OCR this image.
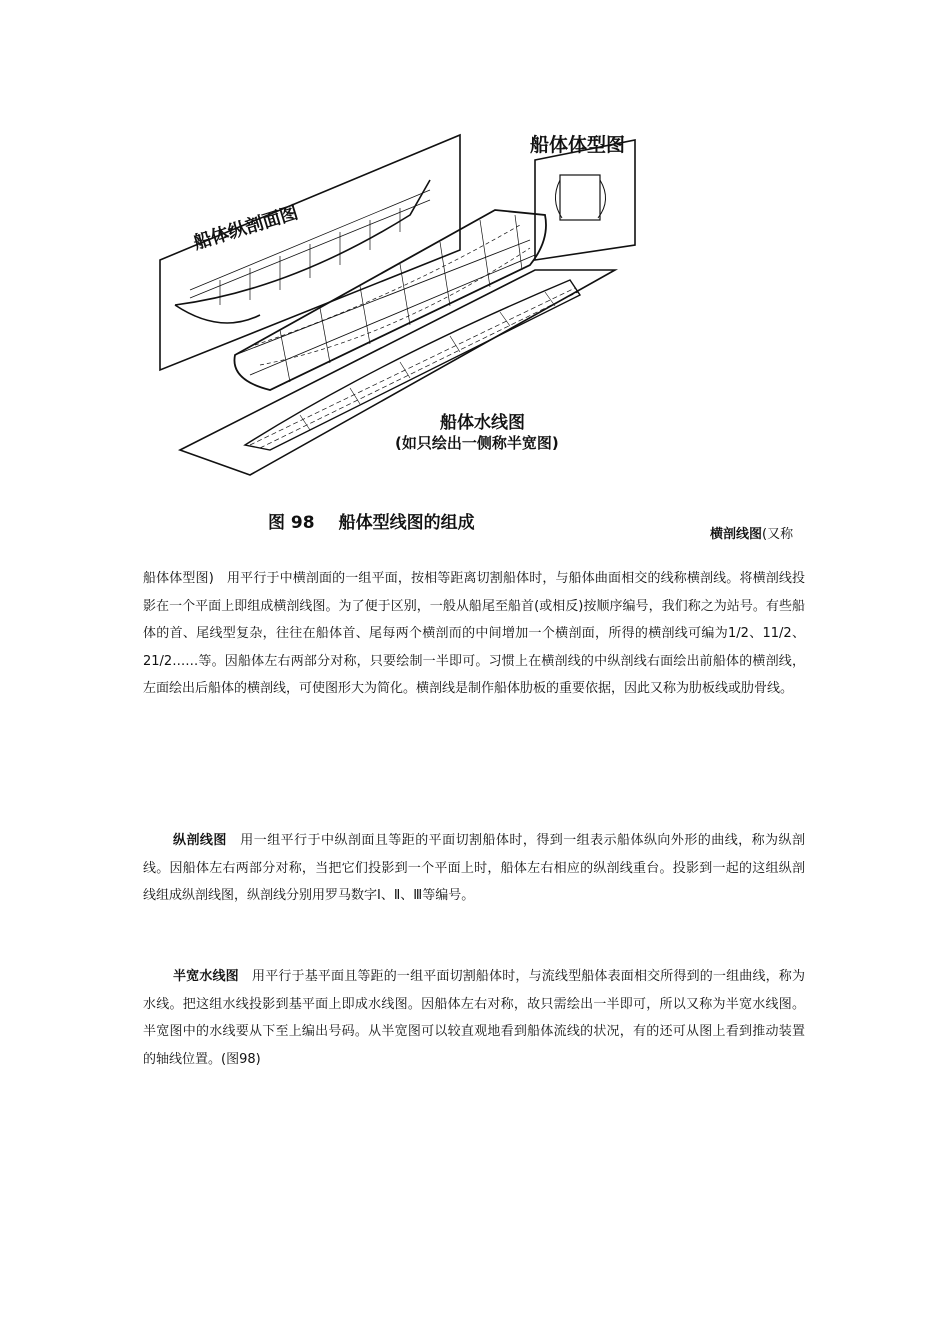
船体体型图
船体纵剖面图
船体水线图
(如只绘出一侧称半宽图)
图 98 船体型线图的组成
横剖线图(又称
船体体型图)　用平行于中横剖面的一组平面，按相等距离切割船体时，与船体曲面相交的线称横剖线。将横剖线投影在一个平面上即组成横剖线图。为了便于区别，一般从船尾至船首(或相反)按顺序编号，我们称之为站号。有些船体的首、尾线型复杂，往往在船体首、尾每两个横剖而的中间增加一个横剖面，所得的横剖线可编为1/2、11/2、21/2……等。因船体左右两部分对称，只要绘制一半即可。习惯上在横剖线的中纵剖线右面绘出前船体的横剖线，左面绘出后船体的横剖线，可使图形大为简化。横剖线是制作船体肋板的重要依据，因此又称为肋板线或肋骨线。
纵剖线图　用一组平行于中纵剖面且等距的平面切割船体时，得到一组表示船体纵向外形的曲线，称为纵剖线。因船体左右两部分对称，当把它们投影到一个平面上时，船体左右相应的纵剖线重台。投影到一起的这组纵剖线组成纵剖线图，纵剖线分别用罗马数字Ⅰ、Ⅱ、Ⅲ等编号。
半宽水线图　用平行于基平面且等距的一组平面切割船体时，与流线型船体表面相交所得到的一组曲线，称为水线。把这组水线投影到基平面上即成水线图。因船体左右对称，故只需绘出一半即可，所以又称为半宽水线图。半宽图中的水线要从下至上编出号码。从半宽图可以较直观地看到船体流线的状况，有的还可从图上看到推动装置的轴线位置。(图98)
